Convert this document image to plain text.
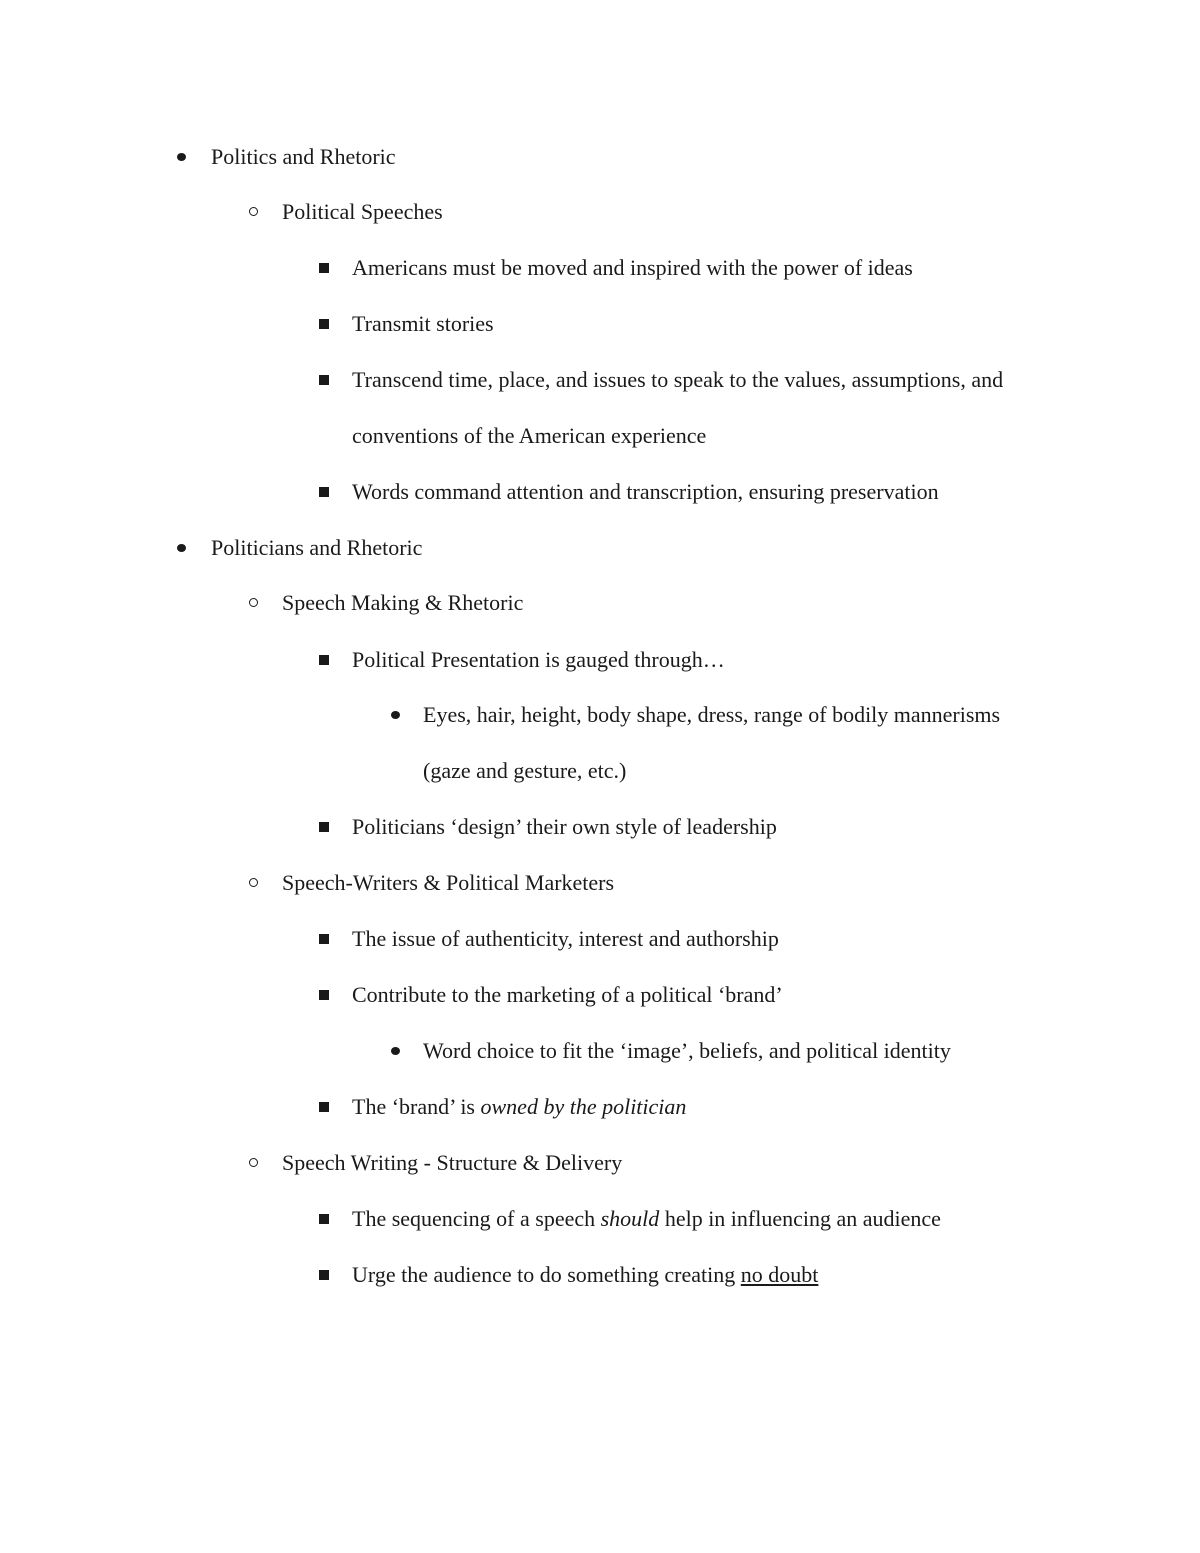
Politics and Rhetoric
Political Speeches
Americans must be moved and inspired with the power of ideas
Transmit stories
Transcend time, place, and issues to speak to the values, assumptions, and
conventions of the American experience
Words command attention and transcription, ensuring preservation
Politicians and Rhetoric
Speech Making & Rhetoric
Political Presentation is gauged through…
Eyes, hair, height, body shape, dress, range of bodily mannerisms
(gaze and gesture, etc.)
Politicians ‘design’ their own style of leadership
Speech-Writers & Political Marketers
The issue of authenticity, interest and authorship
Contribute to the marketing of a political ‘brand’
Word choice to fit the ‘image’, beliefs, and political identity
The ‘brand’ is owned by the politician
Speech Writing - Structure & Delivery
The sequencing of a speech should help in influencing an audience
Urge the audience to do something creating no doubt
